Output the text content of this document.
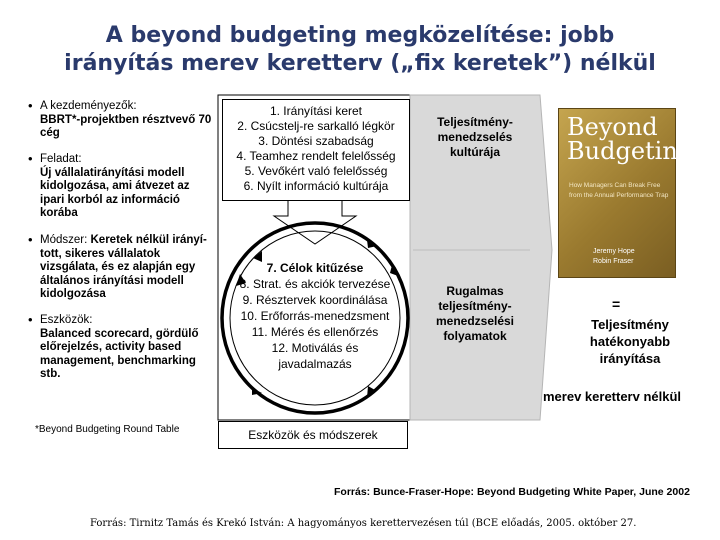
A beyond budgeting megközelítése: jobb
irányítás merev keretterv („fix keretek”) nélkül
• A kezdeményezők:
BBRT*-projektben résztvevő 70 cég
• Feladat:
Új vállalatirányítási modell kidolgozása, ami átvezet az ipari korból az információ korába
• Módszer: Keretek nélkül irányí-tott, sikeres vállalatok vizsgálata, és ez alapján egy általános irányítási modell kidolgozása
• Eszközök:
Balanced scorecard, gördülő előrejelzés, activity based management, benchmarking stb.
1. Irányítási keret
2. Csúcstelj-re sarkalló légkör
3. Döntési szabadság
4. Teamhez rendelt felelősség
5. Vevőkért való felelősség
6. Nyílt információ kultúrája
7. Célok kitűzése
8. Strat. és akciók tervezése
9. Résztervek koordinálása
10. Erőforrás-menedzsment
11. Mérés és ellenőrzés
12. Motiválás és javadalmazás
Eszközök és módszerek
Teljesítmény-
menedzselés
kultúrája
Rugalmas
teljesítmény-
menedzselési
folyamatok
Beyond Budgeting
How Managers Can Break Free from the Annual Performance Trap
Jeremy Hope
Robin Fraser
=
Teljesítmény
hatékonyabb
irányítása
merev keretterv nélkül
*Beyond Budgeting Round Table
Forrás: Bunce-Fraser-Hope: Beyond Budgeting White Paper, June 2002
Forrás: Tirnitz Tamás és Krekó István: A hagyományos kerettervezésen túl (BCE előadás, 2005. október 27.
